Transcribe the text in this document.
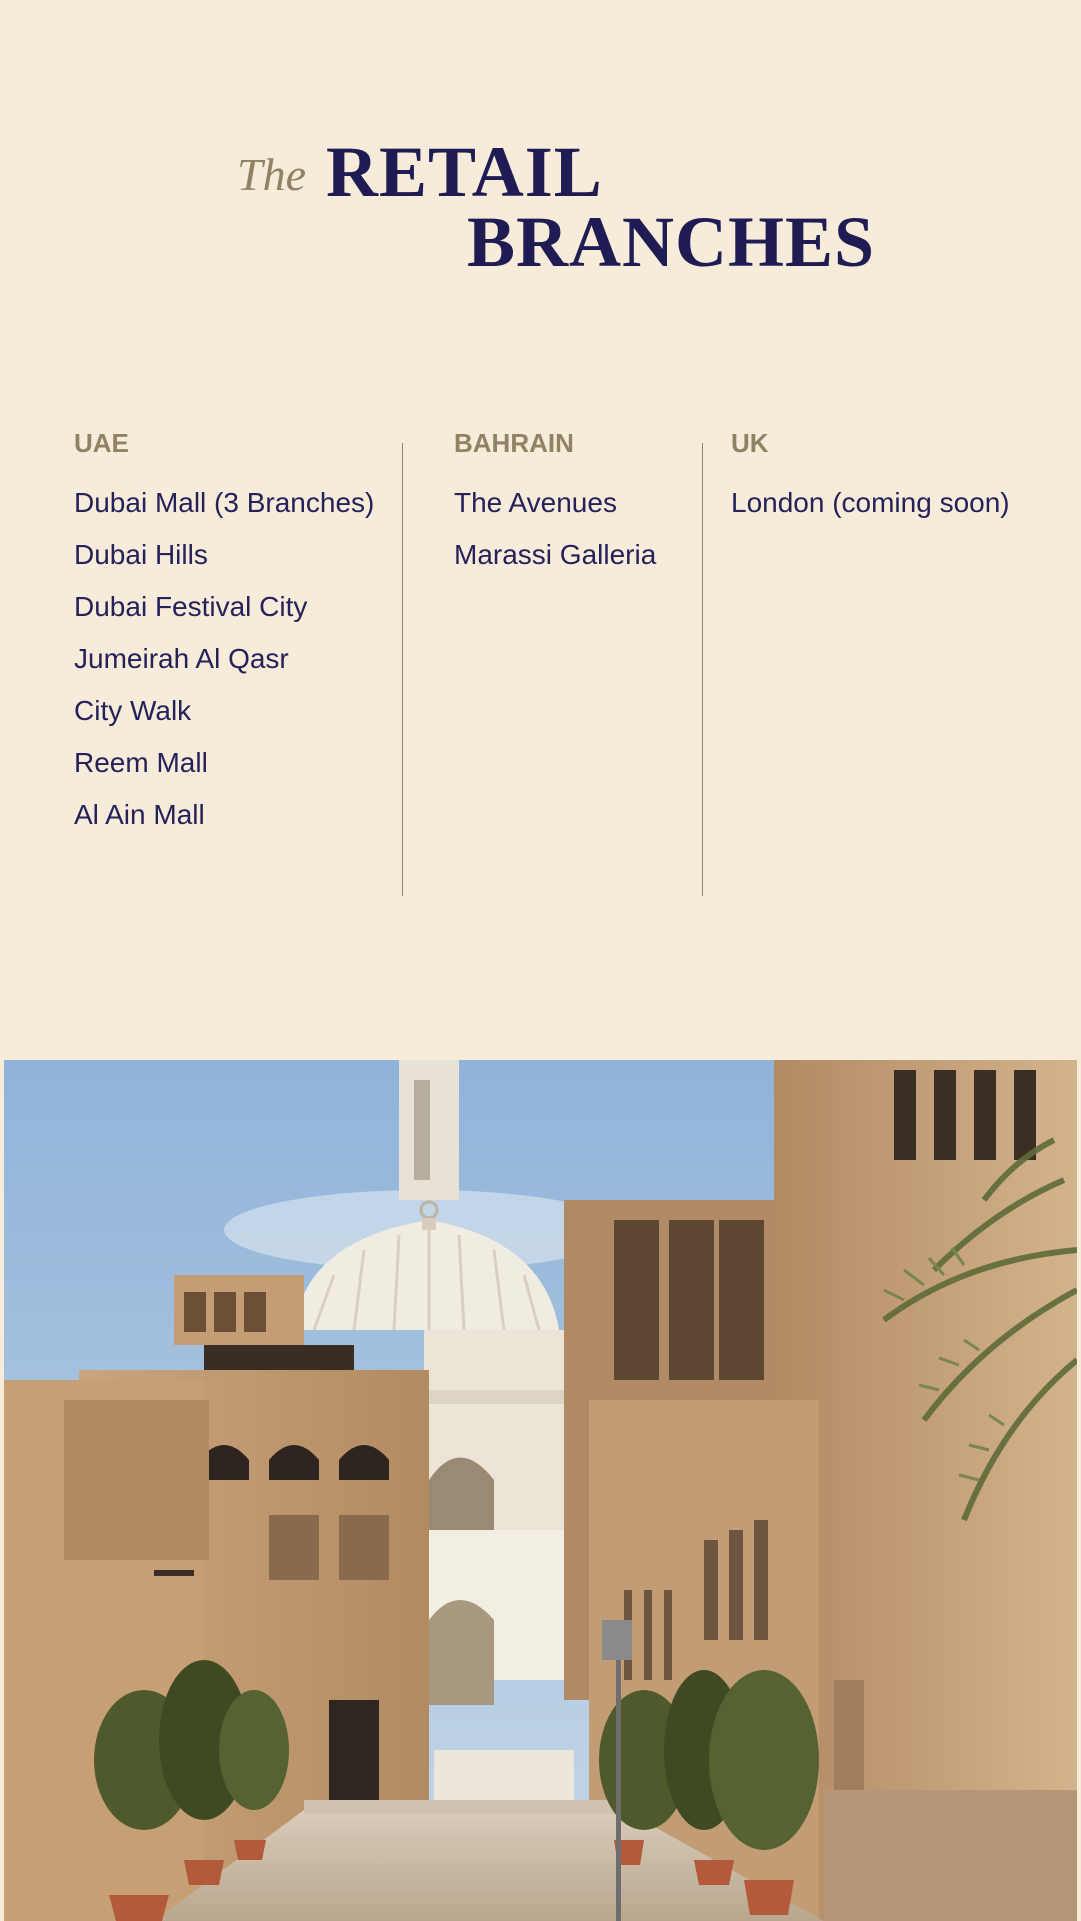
The RETAIL
BRANCHES
UAE
Dubai Mall (3 Branches)
Dubai Hills
Dubai Festival City
Jumeirah Al Qasr
City Walk
Reem Mall
Al Ain Mall
BAHRAIN
The Avenues
Marassi Galleria
UK
London (coming soon)
